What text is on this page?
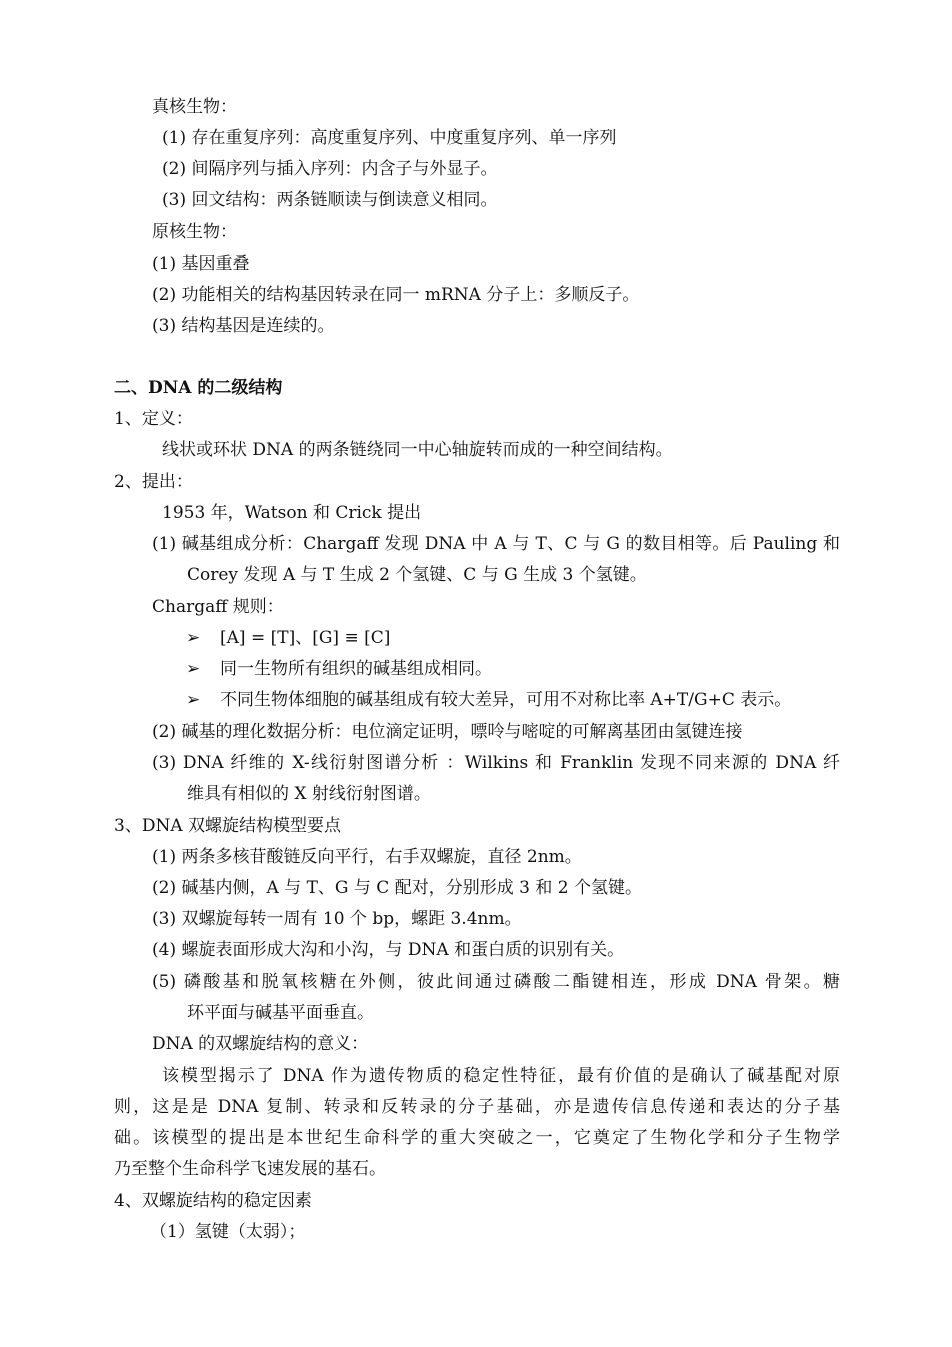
真核生物：
(1) 存在重复序列：高度重复序列、中度重复序列、单一序列
(2) 间隔序列与插入序列：内含子与外显子。
(3) 回文结构：两条链顺读与倒读意义相同。
原核生物：
(1) 基因重叠
(2) 功能相关的结构基因转录在同一 mRNA 分子上：多顺反子。
(3) 结构基因是连续的。
二、DNA 的二级结构
1、定义：
线状或环状 DNA 的两条链绕同一中心轴旋转而成的一种空间结构。
2、提出：
1953 年，Watson 和 Crick 提出
(1) 碱基组成分析：Chargaff 发现 DNA 中 A 与 T、C 与 G 的数目相等。后 Pauling 和
Corey 发现 A 与 T 生成 2 个氢键、C 与 G 生成 3 个氢键。
Chargaff 规则：
➢ [A] = [T]、[G] ≡ [C]
➢ 同一生物所有组织的碱基组成相同。
➢ 不同生物体细胞的碱基组成有较大差异，可用不对称比率 A+T/G+C 表示。
(2) 碱基的理化数据分析：电位滴定证明，嘌呤与嘧啶的可解离基团由氢键连接
(3) DNA 纤维的 X-线衍射图谱分析 ：Wilkins 和 Franklin 发现不同来源的 DNA 纤
维具有相似的 X 射线衍射图谱。
3、DNA 双螺旋结构模型要点
(1) 两条多核苷酸链反向平行，右手双螺旋，直径 2nm。
(2) 碱基内侧，A 与 T、G 与 C 配对，分别形成 3 和 2 个氢键。
(3) 双螺旋每转一周有 10 个 bp，螺距 3.4nm。
(4) 螺旋表面形成大沟和小沟，与 DNA 和蛋白质的识别有关。
(5) 磷酸基和脱氧核糖在外侧，彼此间通过磷酸二酯键相连，形成 DNA 骨架。糖
环平面与碱基平面垂直。
DNA 的双螺旋结构的意义：
该模型揭示了 DNA 作为遗传物质的稳定性特征，最有价值的是确认了碱基配对原
则，这是是 DNA 复制、转录和反转录的分子基础，亦是遗传信息传递和表达的分子基
础。该模型的提出是本世纪生命科学的重大突破之一，它奠定了生物化学和分子生物学
乃至整个生命科学飞速发展的基石。
4、双螺旋结构的稳定因素
（1）氢键（太弱）；
